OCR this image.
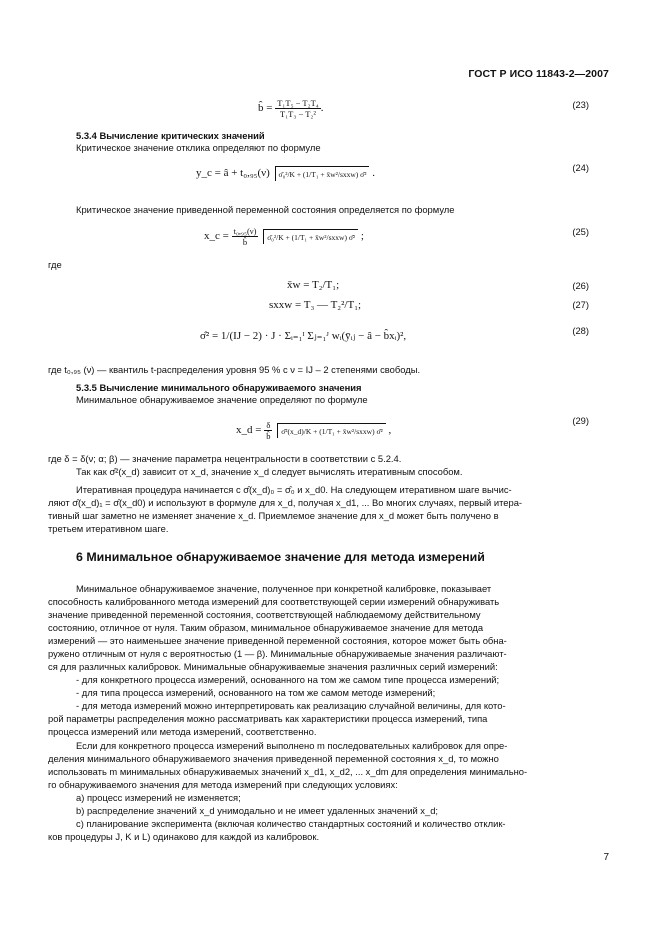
ГОСТ Р ИСО 11843-2—2007
b̂ = $\frac{\text{T₁T₅ − T₂T₄}}{\text{T₁T₃ − T₂²}}$ .	(23)
5.3.4 Вычисление критических значений
Критическое значение отклика определяют по формуле
y_c = â + t₀,₉₅(ν) σ̂₀²/K + (1/T₁ + x̄w²/sxxw) σ̂² .	(24)
Критическое значение приведенной переменной состояния определяется по формуле
x_c = $\frac{\text{t₀,₉₅(ν)}}{b̂}$ σ̂₀²/K + (1/T₁ + x̄w²/sxxw) σ̂² ;	(25)
где
x̄w = T₂/T₁;	(26)
sxxw = T₃ — T₂²/T₁;	(27)
σ̂² = 1/(IJ − 2) · J · Σᵢ₌₁ᴵ Σⱼ₌₁ᴶ wᵢ(ȳᵢⱼ − â − b̂xᵢ)²,	(28)
где t₀,₉₅ (ν) — квантиль t-распределения уровня 95 % с ν = IJ – 2 степенями свободы.
5.3.5 Вычисление минимального обнаруживаемого значения
Минимальное обнаруживаемое значение определяют по формуле
x_d = $\frac{\delta}{b̂}$ σ̂²(x_d)/K + (1/T₁ + x̄w²/sxxw) σ̂² ,
(29)
где δ = δ(ν; α; β) — значение параметра нецентральности в соответствии с 5.2.4.
Так как σ̂²(x_d) зависит от x_d, значение x_d следует вычислять итеративным способом.
Итеративная процедура начинается с σ̂(x_d)₀ = σ̂₀ и x_d0. На следующем итеративном шаге вычис-
ляют σ̂(x_d)₁ = σ̂(x_d0) и используют в формуле для x_d, получая x_d1, ... Во многих случаях, первый итера-
тивный шаг заметно не изменяет значение x_d. Приемлемое значение для x_d может быть получено в
третьем итеративном шаге.
6 Минимальное обнаруживаемое значение для метода измерений
Минимальное обнаруживаемое значение, полученное при конкретной калибровке, показывает
способность калиброванного метода измерений для соответствующей серии измерений обнаруживать
значение приведенной переменной состояния, соответствующей наблюдаемому действительному
состоянию, отличное от нуля. Таким образом, минимальное обнаруживаемое значение для метода
измерений — это наименьшее значение приведенной переменной состояния, которое может быть обна-
ружено отличным от нуля с вероятностью (1 — β). Минимальные обнаруживаемые значения различают-
ся для различных калибровок. Минимальные обнаруживаемые значения различных серий измерений:
- для конкретного процесса измерений, основанного на том же самом типе процесса измерений;
- для типа процесса измерений, основанного на том же самом методе измерений;
- для метода измерений можно интерпретировать как реализацию случайной величины, для кото-
рой параметры распределения можно рассматривать как характеристики процесса измерений, типа
процесса измерений или метода измерений, соответственно.
Если для конкретного процесса измерений выполнено m последовательных калибровок для опре-
деления минимального обнаруживаемого значения приведенной переменной состояния x_d, то можно
использовать m минимальных обнаруживаемых значений x_d1, x_d2, ... x_dm для определения минимально-
го обнаруживаемого значения для метода измерений при следующих условиях:
a) процесс измерений не изменяется;
b) распределение значений x_d унимодально и не имеет удаленных значений x_d;
c) планирование эксперимента (включая количество стандартных состояний и количество отклик-
ков процедуры J, K и L) одинаково для каждой из калибровок.
7
